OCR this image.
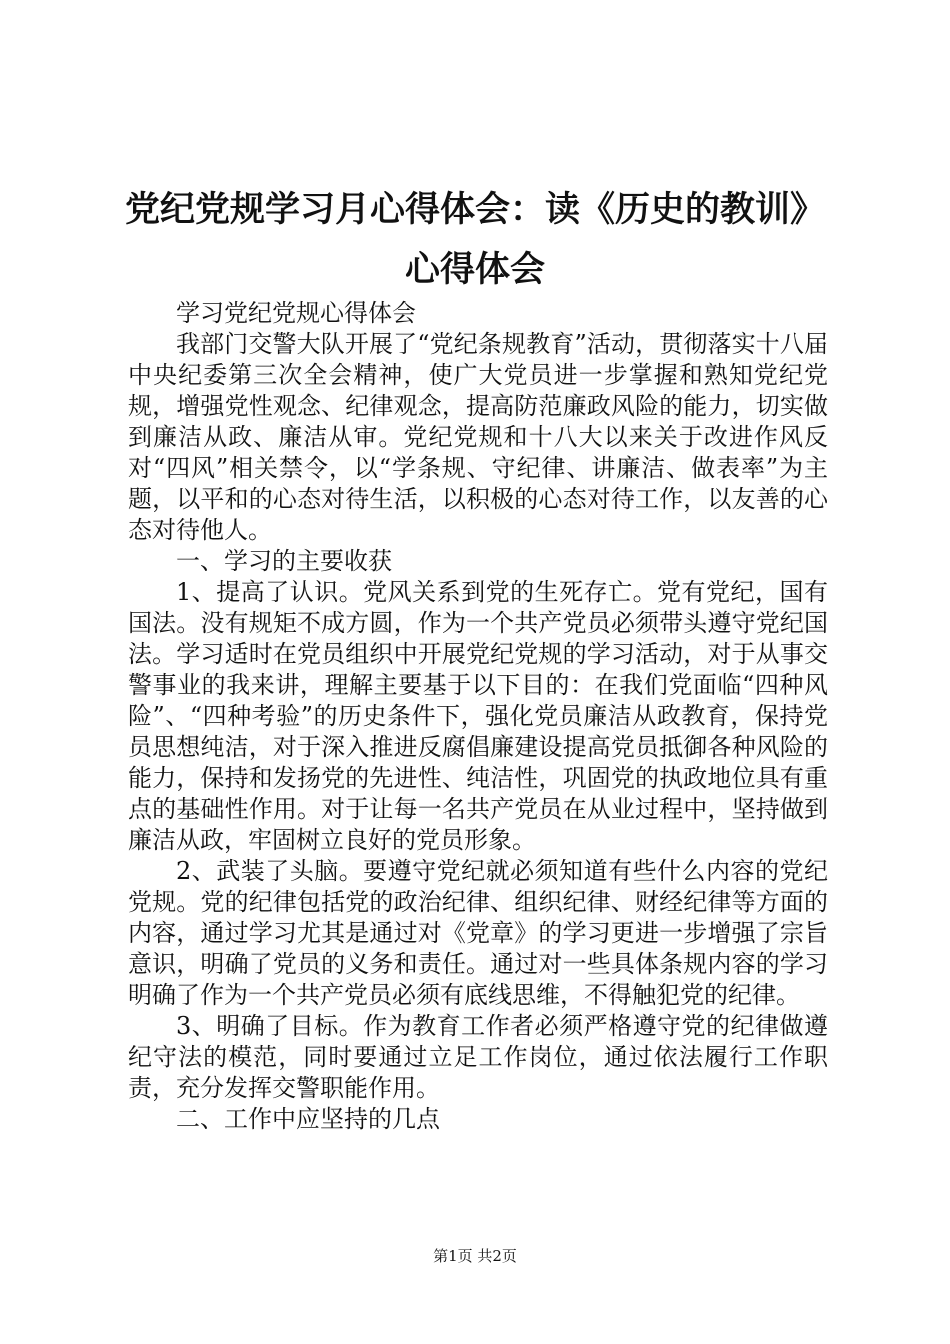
党纪党规学习月心得体会：读《历史的教训》
心得体会

学习党纪党规心得体会

我部门交警大队开展了“党纪条规教育”活动，贯彻落实十八届中央纪委第三次全会精神，使广大党员进一步掌握和熟知党纪党规，增强党性观念、纪律观念，提高防范廉政风险的能力，切实做到廉洁从政、廉洁从审。党纪党规和十八大以来关于改进作风反对“四风”相关禁令，以“学条规、守纪律、讲廉洁、做表率”为主题，以平和的心态对待生活，以积极的心态对待工作，以友善的心态对待他人。

一、学习的主要收获

1、提高了认识。党风关系到党的生死存亡。党有党纪，国有国法。没有规矩不成方圆，作为一个共产党员必须带头遵守党纪国法。学习适时在党员组织中开展党纪党规的学习活动，对于从事交警事业的我来讲，理解主要基于以下目的：在我们党面临“四种风险”、“四种考验”的历史条件下，强化党员廉洁从政教育，保持党员思想纯洁，对于深入推进反腐倡廉建设提高党员抵御各种风险的能力，保持和发扬党的先进性、纯洁性，巩固党的执政地位具有重点的基础性作用。对于让每一名共产党员在从业过程中，坚持做到廉洁从政，牢固树立良好的党员形象。

2、武装了头脑。要遵守党纪就必须知道有些什么内容的党纪党规。党的纪律包括党的政治纪律、组织纪律、财经纪律等方面的内容，通过学习尤其是通过对《党章》的学习更进一步增强了宗旨意识，明确了党员的义务和责任。通过对一些具体条规内容的学习明确了作为一个共产党员必须有底线思维，不得触犯党的纪律。

3、明确了目标。作为教育工作者必须严格遵守党的纪律做遵纪守法的模范，同时要通过立足工作岗位，通过依法履行工作职责，充分发挥交警职能作用。

二、工作中应坚持的几点

第1页 共2页
